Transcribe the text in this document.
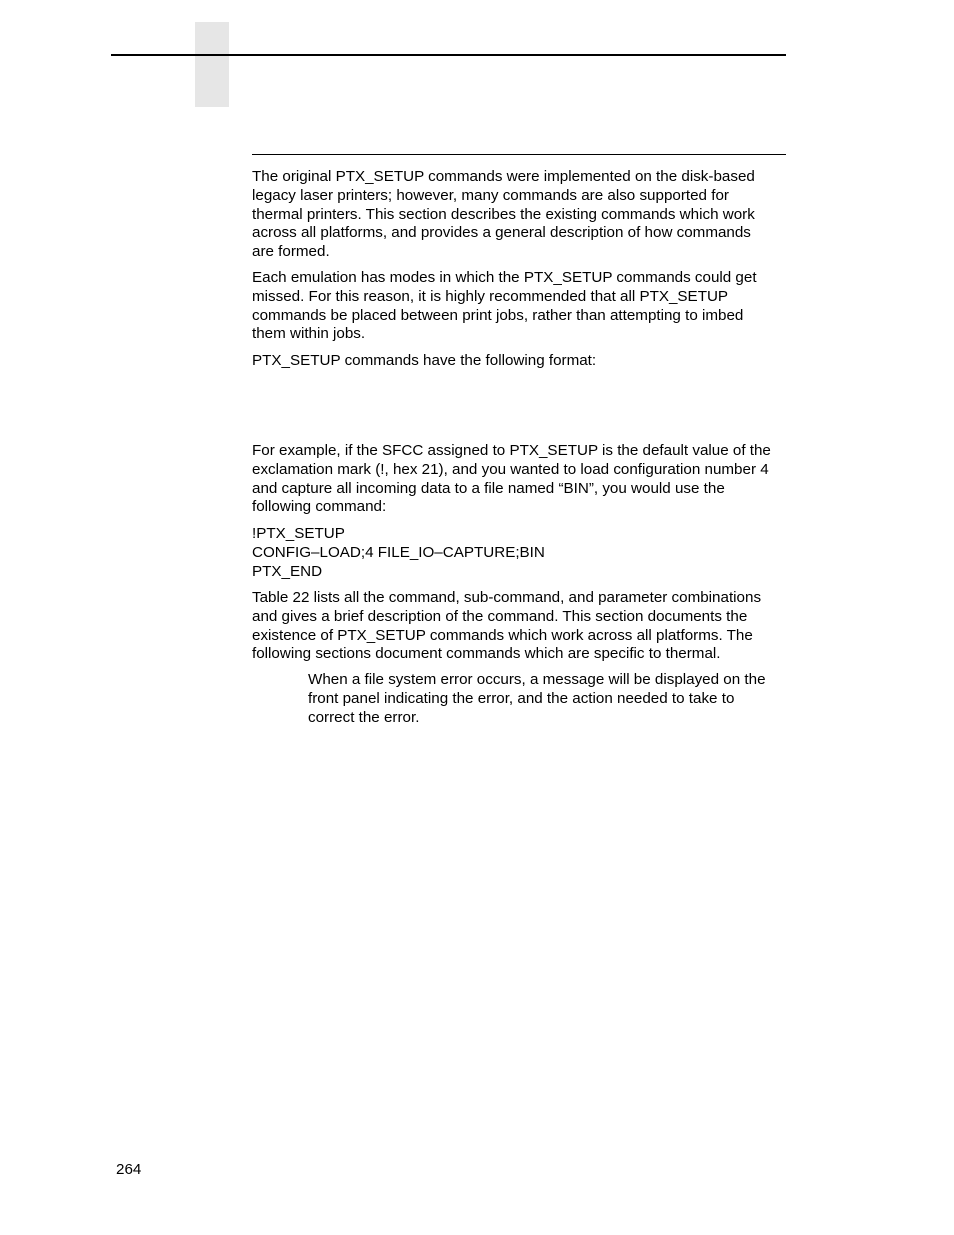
The original PTX_SETUP commands were implemented on the disk-based
legacy laser printers; however, many commands are also supported for
thermal printers. This section describes the existing commands which work
across all platforms, and provides a general description of how commands
are formed.

Each emulation has modes in which the PTX_SETUP commands could get
missed. For this reason, it is highly recommended that all PTX_SETUP
commands be placed between print jobs, rather than attempting to imbed
them within jobs.

PTX_SETUP commands have the following format:

For example, if the SFCC assigned to PTX_SETUP is the default value of the
exclamation mark (!, hex 21), and you wanted to load configuration number 4
and capture all incoming data to a file named “BIN”, you would use the
following command:

!PTX_SETUP
CONFIG–LOAD;4 FILE_IO–CAPTURE;BIN
PTX_END

Table 22 lists all the command, sub-command, and parameter combinations
and gives a brief description of the command. This section documents the
existence of PTX_SETUP commands which work across all platforms. The
following sections document commands which are specific to thermal.

When a file system error occurs, a message will be displayed on the
front panel indicating the error, and the action needed to take to
correct the error.

264
